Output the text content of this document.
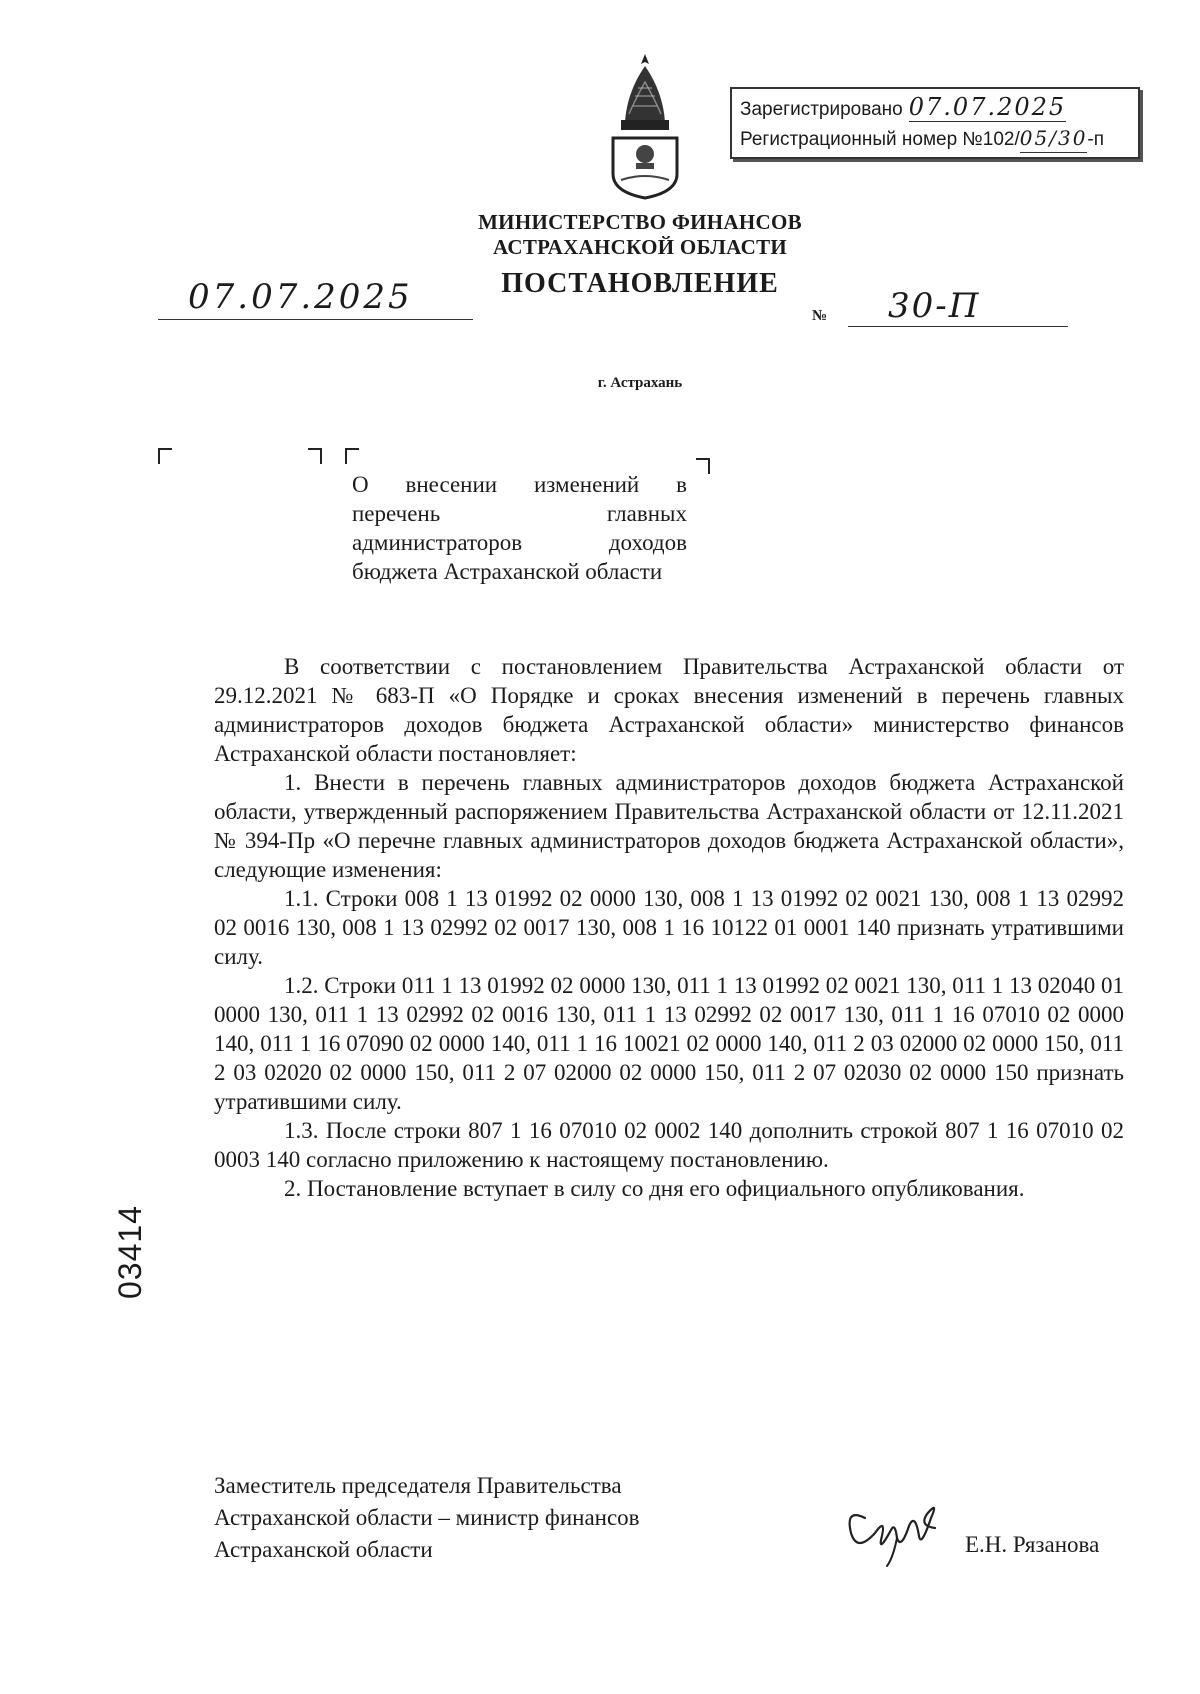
Зарегистрировано 07.07.2025
Регистрационный номер №102/05/30-п
МИНИСТЕРСТВО ФИНАНСОВ
АСТРАХАНСКОЙ ОБЛАСТИ
ПОСТАНОВЛЕНИЕ
07.07.2025	№ 30-П
г. Астрахань
О внесении изменений в перечень главных администраторов доходов бюджета Астраханской области

В соответствии с постановлением Правительства Астраханской области от 29.12.2021 № 683-П «О Порядке и сроках внесения изменений в перечень главных администраторов доходов бюджета Астраханской области» министерство финансов Астраханской области постановляет:

1. Внести в перечень главных администраторов доходов бюджета Астраханской области, утвержденный распоряжением Правительства Астраханской области от 12.11.2021 № 394-Пр «О перечне главных администраторов доходов бюджета Астраханской области», следующие изменения:

1.1. Строки 008 1 13 01992 02 0000 130, 008 1 13 01992 02 0021 130, 008 1 13 02992 02 0016 130, 008 1 13 02992 02 0017 130, 008 1 16 10122 01 0001 140 признать утратившими силу.

1.2. Строки 011 1 13 01992 02 0000 130, 011 1 13 01992 02 0021 130, 011 1 13 02040 01 0000 130, 011 1 13 02992 02 0016 130, 011 1 13 02992 02 0017 130, 011 1 16 07010 02 0000 140, 011 1 16 07090 02 0000 140, 011 1 16 10021 02 0000 140, 011 2 03 02000 02 0000 150, 011 2 03 02020 02 0000 150, 011 2 07 02000 02 0000 150, 011 2 07 02030 02 0000 150 признать утратившими силу.

1.3. После строки 807 1 16 07010 02 0002 140 дополнить строкой 807 1 16 07010 02 0003 140 согласно приложению к настоящему постановлению.

2. Постановление вступает в силу со дня его официального опубликования.

Заместитель председателя Правительства
Астраханской области – министр финансов
Астраханской области	Е.Н. Рязанова
03414
